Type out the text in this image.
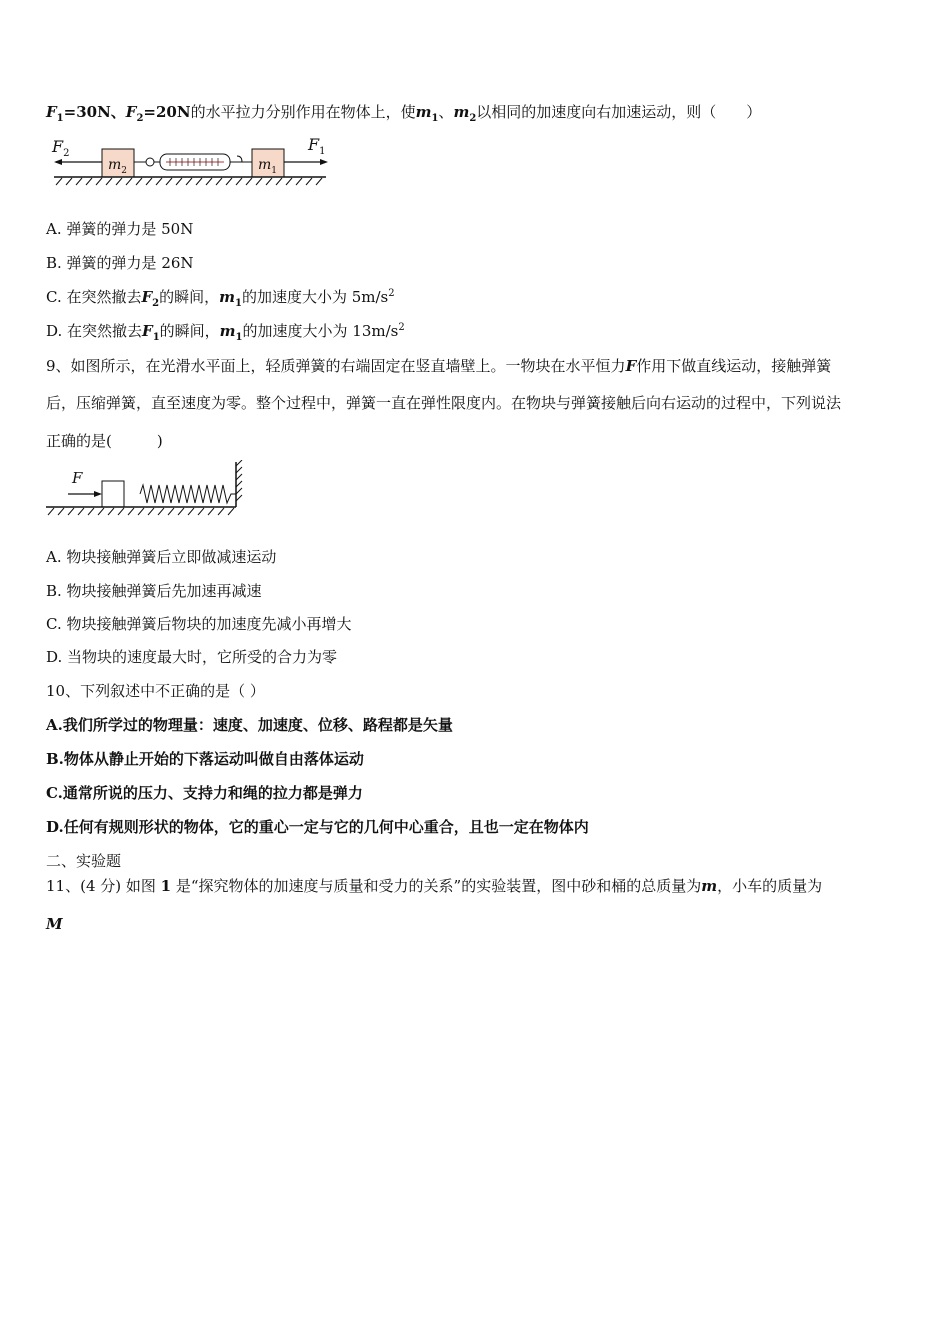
$F_1=30N$、$F_2=20N$的水平拉力分别作用在物体上，使$m_1$、$m_2$以相同的加速度向右加速运动，则（　　）
$F_2$	$F_1$
$m_2$	$m_1$
A. 弹簧的弹力是 50N
B. 弹簧的弹力是 26N
C. 在突然撤去$F_2$的瞬间，$m_1$的加速度大小为 $5m/s^2$
D. 在突然撤去$F_1$的瞬间，$m_1$的加速度大小为 $13m/s^2$
9、如图所示，在光滑水平面上，轻质弹簧的右端固定在竖直墙壁上。一物块在水平恒力F作用下做直线运动，接触弹簧
后，压缩弹簧，直至速度为零。整个过程中，弹簧一直在弹性限度内。在物块与弹簧接触后向右运动的过程中，下列说法
正确的是(　　　)
F
A. 物块接触弹簧后立即做减速运动
B. 物块接触弹簧后先加速再减速
C. 物块接触弹簧后物块的加速度先减小再增大
D. 当物块的速度最大时，它所受的合力为零
10、下列叙述中不正确的是（ ）
A.我们所学过的物理量：速度、加速度、位移、路程都是矢量
B.物体从静止开始的下落运动叫做自由落体运动
C.通常所说的压力、支持力和绳的拉力都是弹力
D.任何有规则形状的物体，它的重心一定与它的几何中心重合，且也一定在物体内
二、实验题
11、(4 分) 如图 1 是“探究物体的加速度与质量和受力的关系”的实验装置，图中砂和桶的总质量为m，小车的质量为
M
